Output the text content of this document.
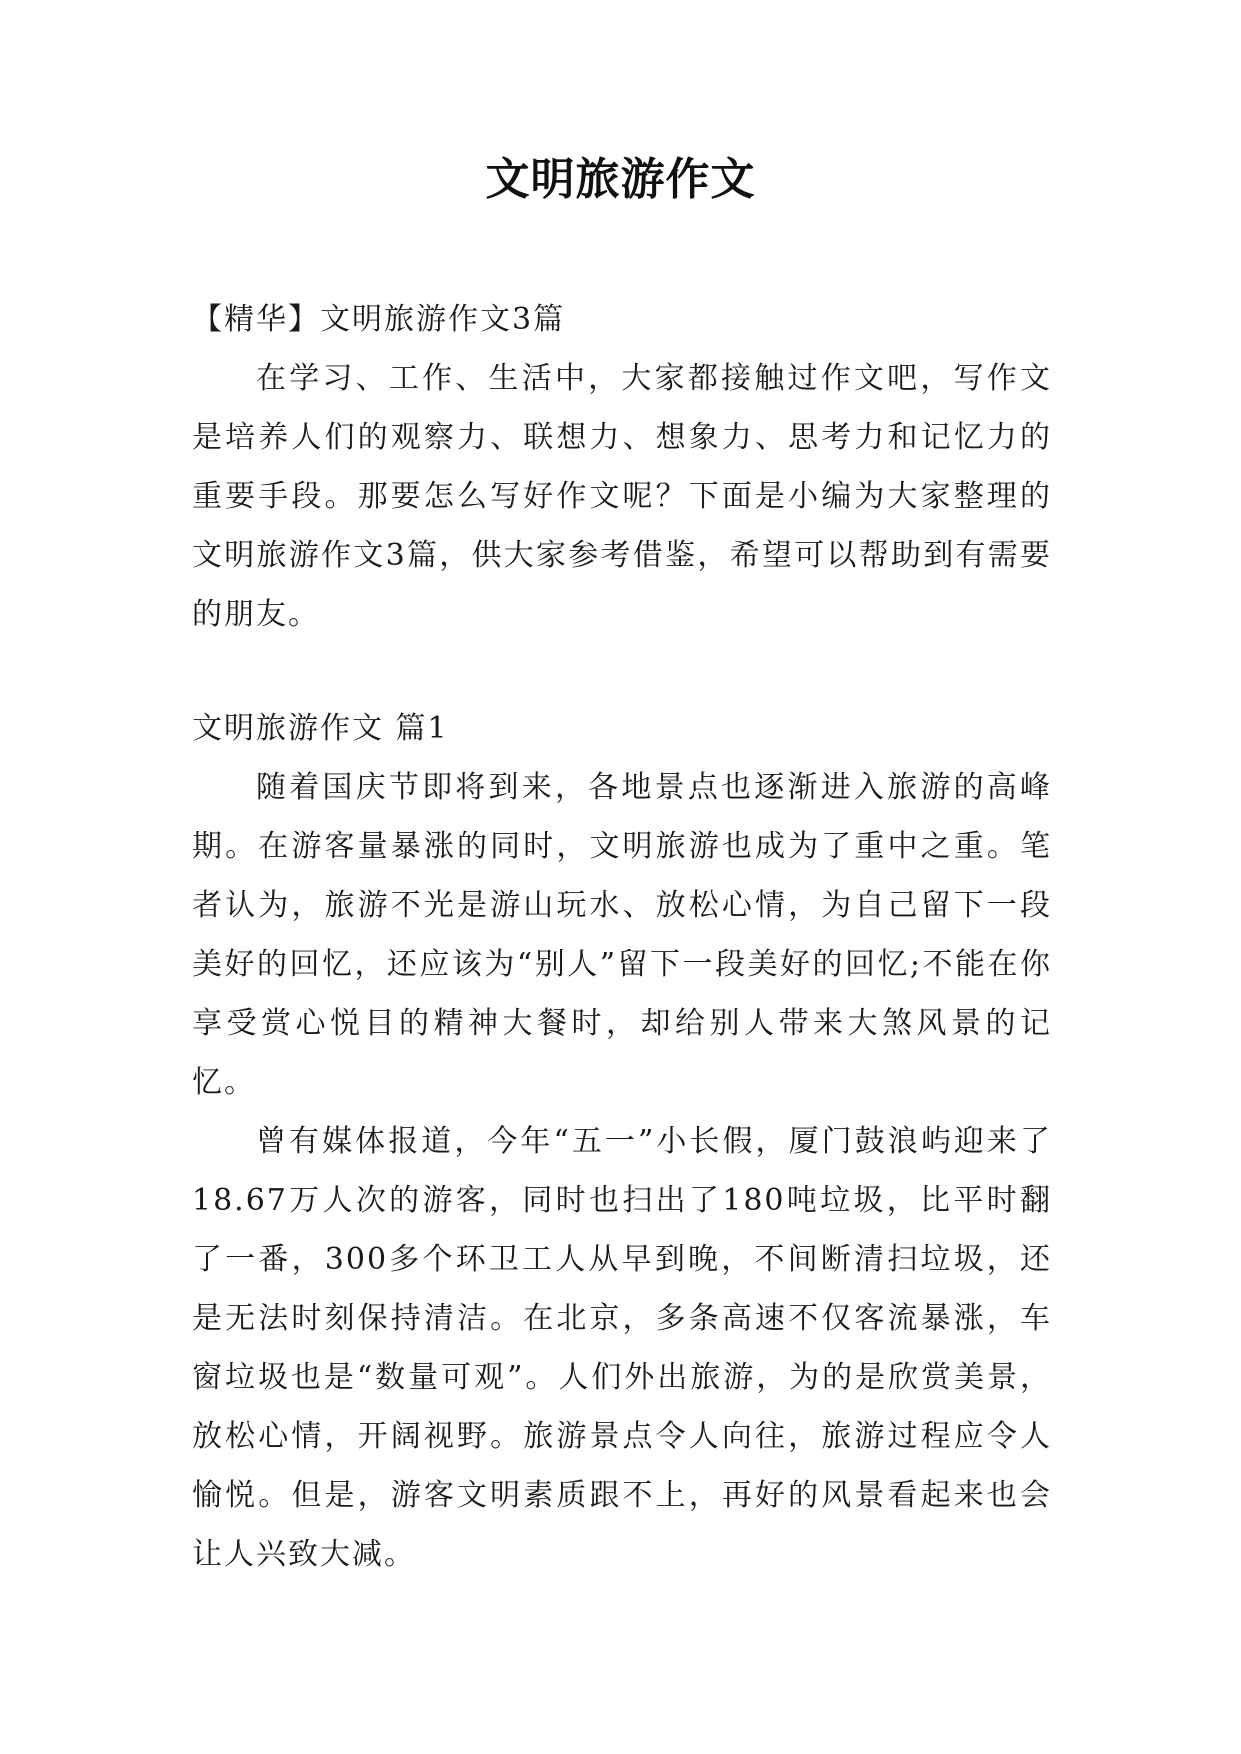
文明旅游作文

【精华】文明旅游作文3篇

在学习、工作、生活中，大家都接触过作文吧，写作文是培养人们的观察力、联想力、想象力、思考力和记忆力的重要手段。那要怎么写好作文呢？下面是小编为大家整理的文明旅游作文3篇，供大家参考借鉴，希望可以帮助到有需要的朋友。

文明旅游作文 篇1

随着国庆节即将到来，各地景点也逐渐进入旅游的高峰期。在游客量暴涨的同时，文明旅游也成为了重中之重。笔者认为，旅游不光是游山玩水、放松心情，为自己留下一段美好的回忆，还应该为“别人”留下一段美好的回忆;不能在你享受赏心悦目的精神大餐时，却给别人带来大煞风景的记忆。

曾有媒体报道，今年“五一”小长假，厦门鼓浪屿迎来了18.67万人次的游客，同时也扫出了180吨垃圾，比平时翻了一番，300多个环卫工人从早到晚，不间断清扫垃圾，还是无法时刻保持清洁。在北京，多条高速不仅客流暴涨，车窗垃圾也是“数量可观”。人们外出旅游，为的是欣赏美景，放松心情，开阔视野。旅游景点令人向往，旅游过程应令人愉悦。但是，游客文明素质跟不上，再好的风景看起来也会让人兴致大减。
